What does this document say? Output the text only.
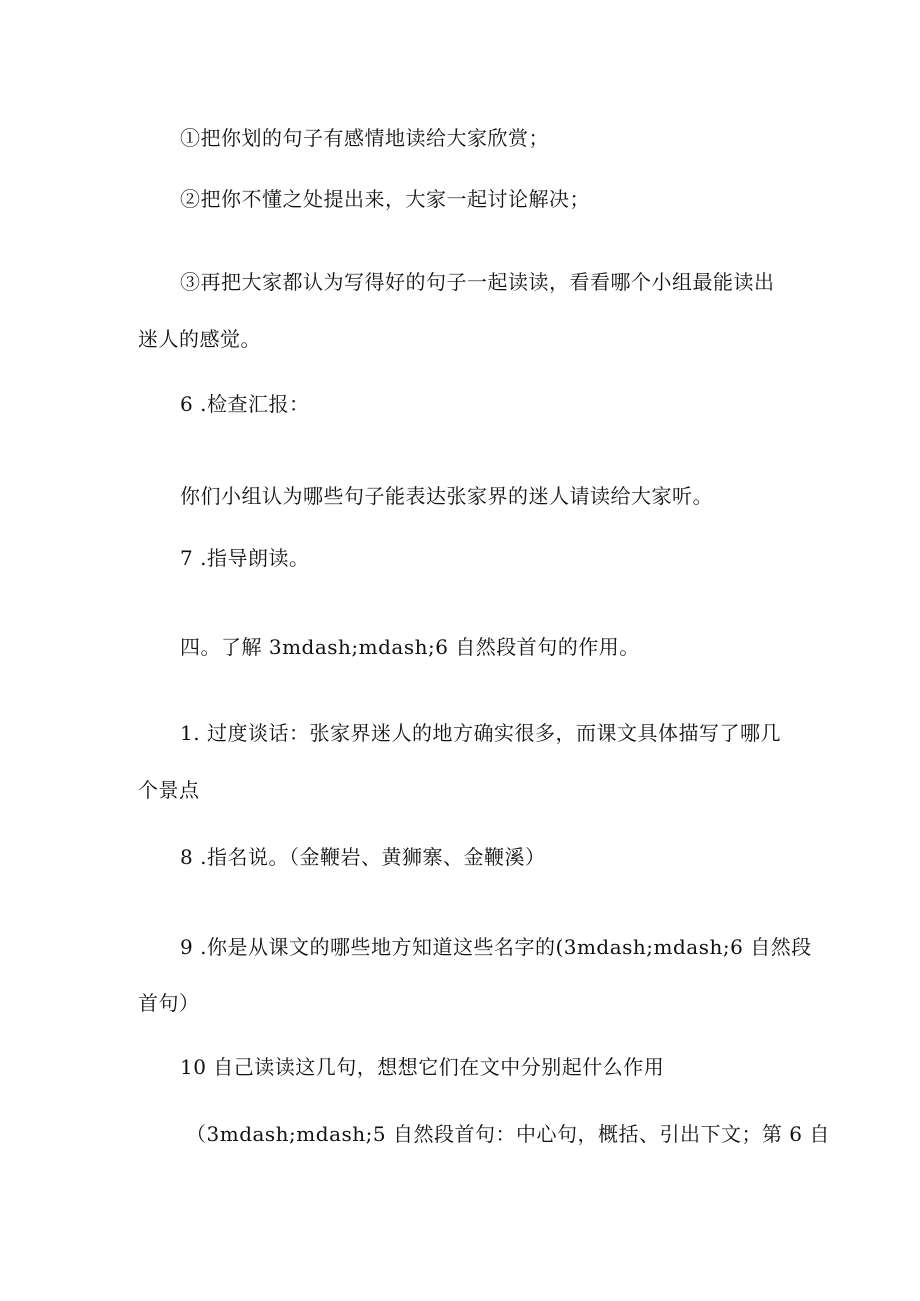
①把你划的句子有感情地读给大家欣赏；
②把你不懂之处提出来，大家一起讨论解决；
③再把大家都认为写得好的句子一起读读，看看哪个小组最能读出
迷人的感觉。
6 .检查汇报：
你们小组认为哪些句子能表达张家界的迷人请读给大家听。
7 .指导朗读。
四。了解 3mdash;mdash;6 自然段首句的作用。
1. 过度谈话：张家界迷人的地方确实很多，而课文具体描写了哪几
个景点
8 .指名说。（金鞭岩、黄狮寨、金鞭溪）
9 .你是从课文的哪些地方知道这些名字的(3mdash;mdash;6 自然段
首句）
10 自己读读这几句，想想它们在文中分别起什么作用
（3mdash;mdash;5 自然段首句：中心句，概括、引出下文；第 6 自
